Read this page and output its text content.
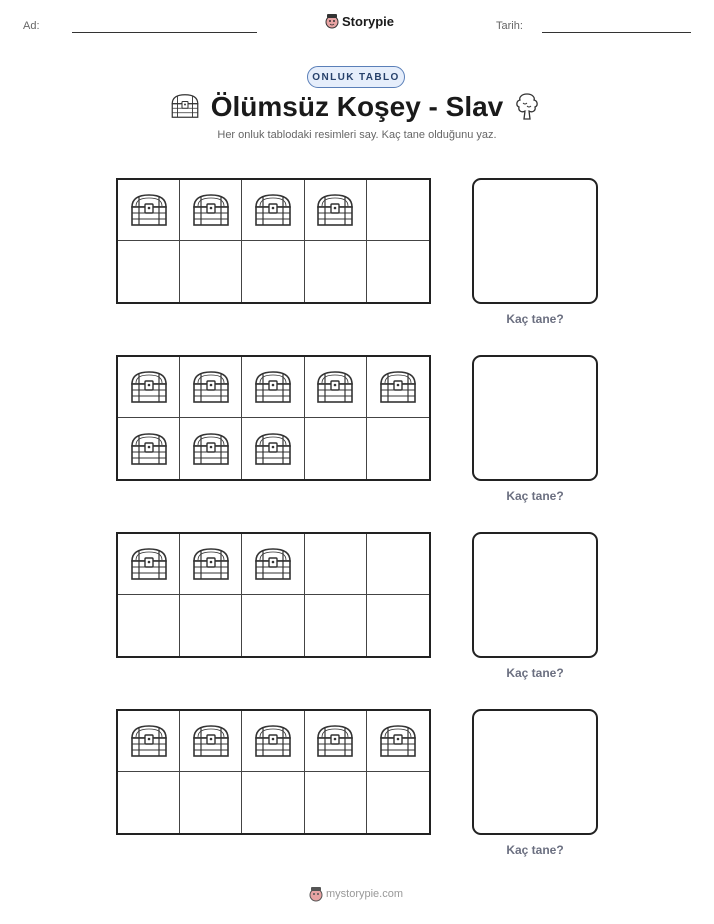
Ad:	Storypie	Tarih:
ONLUK TABLO
Ölümsüz Koşey - Slav
Her onluk tablodaki resimleri say. Kaç tane olduğunu yaz.
Kaç tane?
Kaç tane?
Kaç tane?
Kaç tane?
mystorypie.com
